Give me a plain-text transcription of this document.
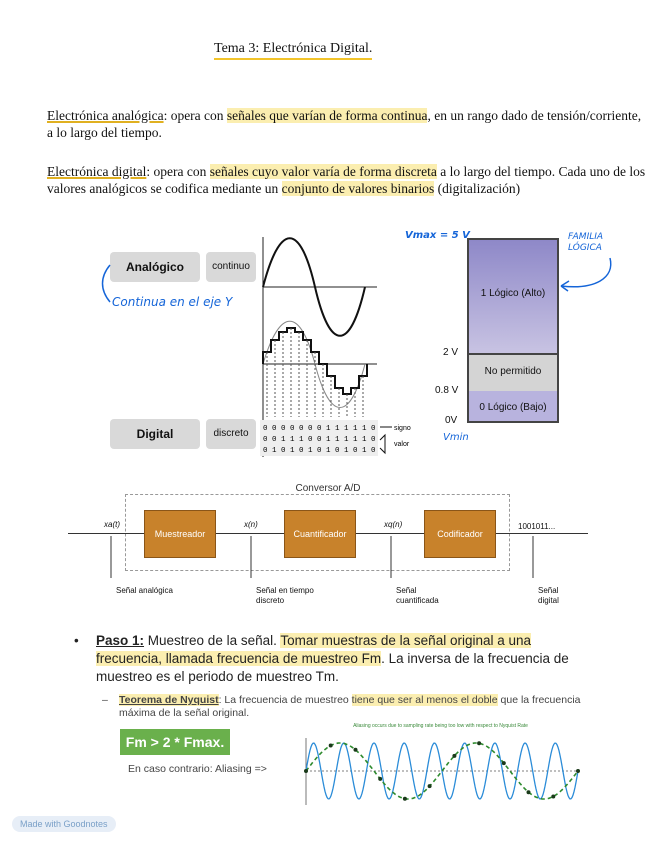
Tema 3: Electrónica Digital.
Electrónica analógica: opera con señales que varían de forma continua, en un rango dado de tensión/corriente, a lo largo del tiempo.
Electrónica digital: opera con señales cuyo valor varía de forma discreta a lo largo del tiempo. Cada uno de los valores analógicos se codifica mediante un conjunto de valores binarios (digitalización)
Analógico	continuo
Digital	discreto	0 0 0 0 0 0 0 1 1 1 1 1 0
0 0 1 1 1 0 0 1 1 1 1 1 0
0 1 0 1 0 1 0 1 0 1 0 1 0
signo
valor
Continua en el eje Y
1 Lógico (Alto)
No permitido
0 Lógico (Bajo)
Vmax = 5 V
2 V
0.8 V
0V
Vmin
FAMILIA LÓGICA
Conversor A/D
Muestreador	Cuantificador	Codificador
xa(t)	x(n)	xq(n)	1001011...
Señal analógica	Señal en tiempo discreto
Señal cuantificada
Señal digital
• Paso 1: Muestreo de la señal. Tomar muestras de la señal original a una frecuencia, llamada frecuencia de muestreo Fm. La inversa de la frecuencia de muestreo es el periodo de muestreo Tm.
– Teorema de Nyquist: La frecuencia de muestreo tiene que ser al menos el doble que la frecuencia máxima de la señal original.
Fm > 2 * Fmax.
En caso contrario: Aliasing =>
Aliasing occurs due to sampling rate being too low with respect to Nyquist Rate
Made with Goodnotes
